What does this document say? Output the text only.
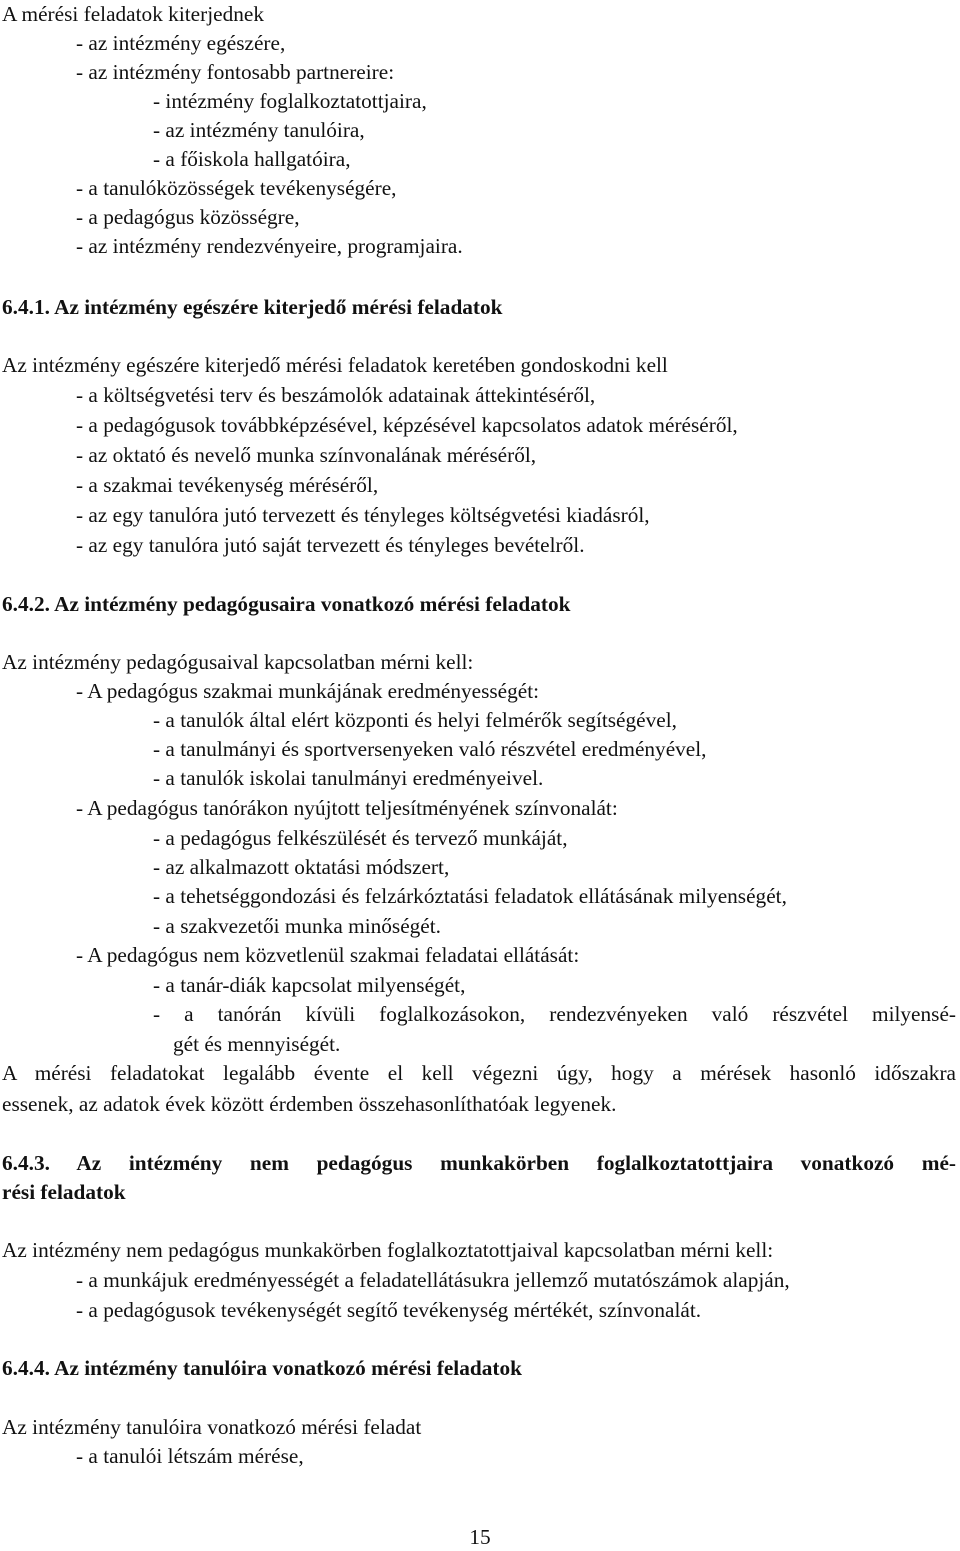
A mérési feladatok kiterjednek
- az intézmény egészére,
- az intézmény fontosabb partnereire:
- intézmény foglalkoztatottjaira,
- az intézmény tanulóira,
- a főiskola hallgatóira,
- a tanulóközösségek tevékenységére,
- a pedagógus közösségre,
- az intézmény rendezvényeire, programjaira.
6.4.1. Az intézmény egészére kiterjedő mérési feladatok
Az intézmény egészére kiterjedő mérési feladatok keretében gondoskodni kell
- a költségvetési terv és beszámolók adatainak áttekintéséről,
- a pedagógusok továbbképzésével, képzésével kapcsolatos adatok méréséről,
- az oktató és nevelő munka színvonalának méréséről,
- a szakmai tevékenység méréséről,
- az egy tanulóra jutó tervezett és tényleges költségvetési kiadásról,
- az egy tanulóra jutó saját tervezett és tényleges bevételről.
6.4.2. Az intézmény pedagógusaira vonatkozó mérési feladatok
Az intézmény pedagógusaival kapcsolatban mérni kell:
- A pedagógus szakmai munkájának eredményességét:
- a tanulók által elért központi és helyi felmérők segítségével,
- a tanulmányi és sportversenyeken való részvétel eredményével,
- a tanulók iskolai tanulmányi eredményeivel.
- A pedagógus tanórákon nyújtott teljesítményének színvonalát:
- a pedagógus felkészülését és tervező munkáját,
- az alkalmazott oktatási módszert,
- a tehetséggondozási és felzárkóztatási feladatok ellátásának milyenségét,
- a szakvezetői munka minőségét.
- A pedagógus nem közvetlenül szakmai feladatai ellátását:
- a tanár-diák kapcsolat milyenségét,
- a tanórán kívüli foglalkozásokon, rendezvényeken való részvétel milyensé-
gét és mennyiségét.
A mérési feladatokat legalább évente el kell végezni úgy, hogy a mérések hasonló időszakra
essenek, az adatok évek között érdemben összehasonlíthatóak legyenek.
6.4.3. Az intézmény nem pedagógus munkakörben foglalkoztatottjaira vonatkozó mé-
rési feladatok
Az intézmény nem pedagógus munkakörben foglalkoztatottjaival kapcsolatban mérni kell:
- a munkájuk eredményességét a feladatellátásukra jellemző mutatószámok alapján,
- a pedagógusok tevékenységét segítő tevékenység mértékét, színvonalát.
6.4.4. Az intézmény tanulóira vonatkozó mérési feladatok
Az intézmény tanulóira vonatkozó mérési feladat
- a tanulói létszám mérése,
15
